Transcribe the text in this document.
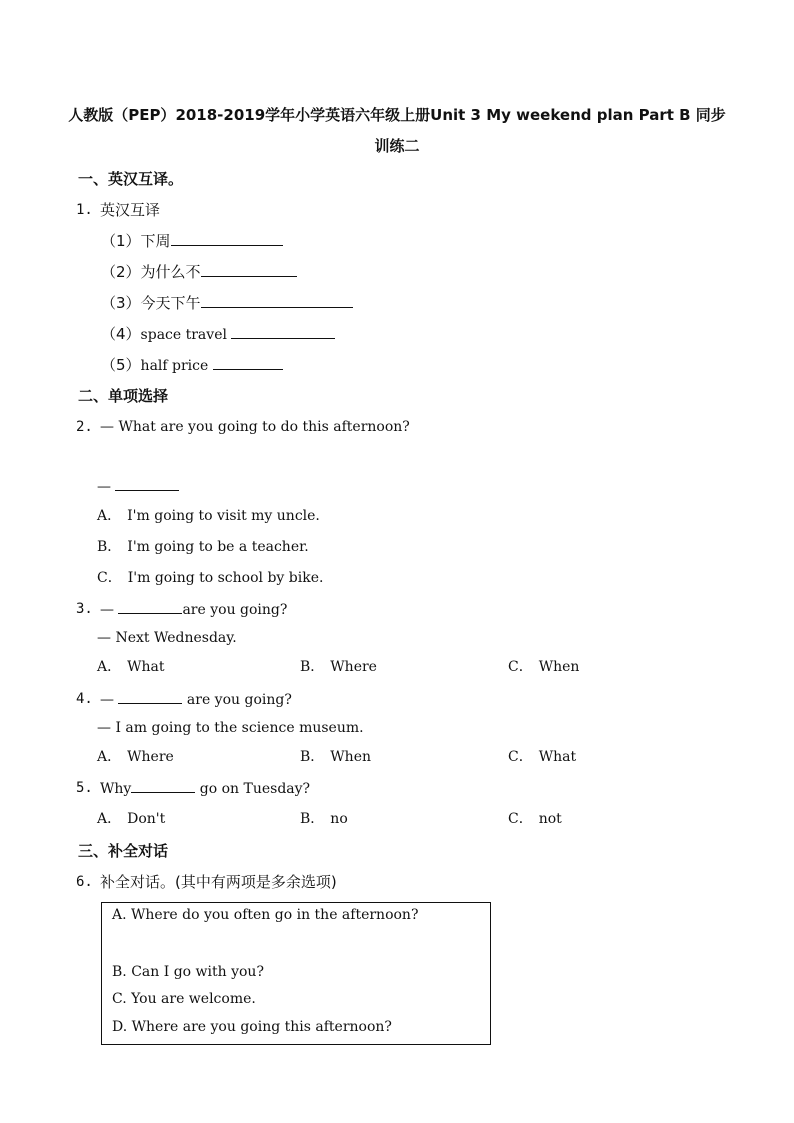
人教版（PEP）2018-2019学年小学英语六年级上册Unit 3 My weekend plan Part B 同步
训练二
一、英汉互译。
1. 英汉互译
（1）下周
（2）为什么不
（3）今天下午
（4）space travel
（5）half price
二、单项选择
2. — What are you going to do this afternoon?
—
A． I'm going to visit my uncle.
B． I'm going to be a teacher.
C． I'm going to school by bike.
3. —	are you going?
— Next Wednesday.
A． What	B． Where	C． When
4. —	are you going?
— I am going to the science museum.
A． Where	B． When	C． What
5. Why	go on Tuesday?
A． Don't	B． no	C． not
三、补全对话
6. 补全对话。(其中有两项是多余选项)
A. Where do you often go in the afternoon?
B. Can I go with you?
C. You are welcome.
D. Where are you going this afternoon?
